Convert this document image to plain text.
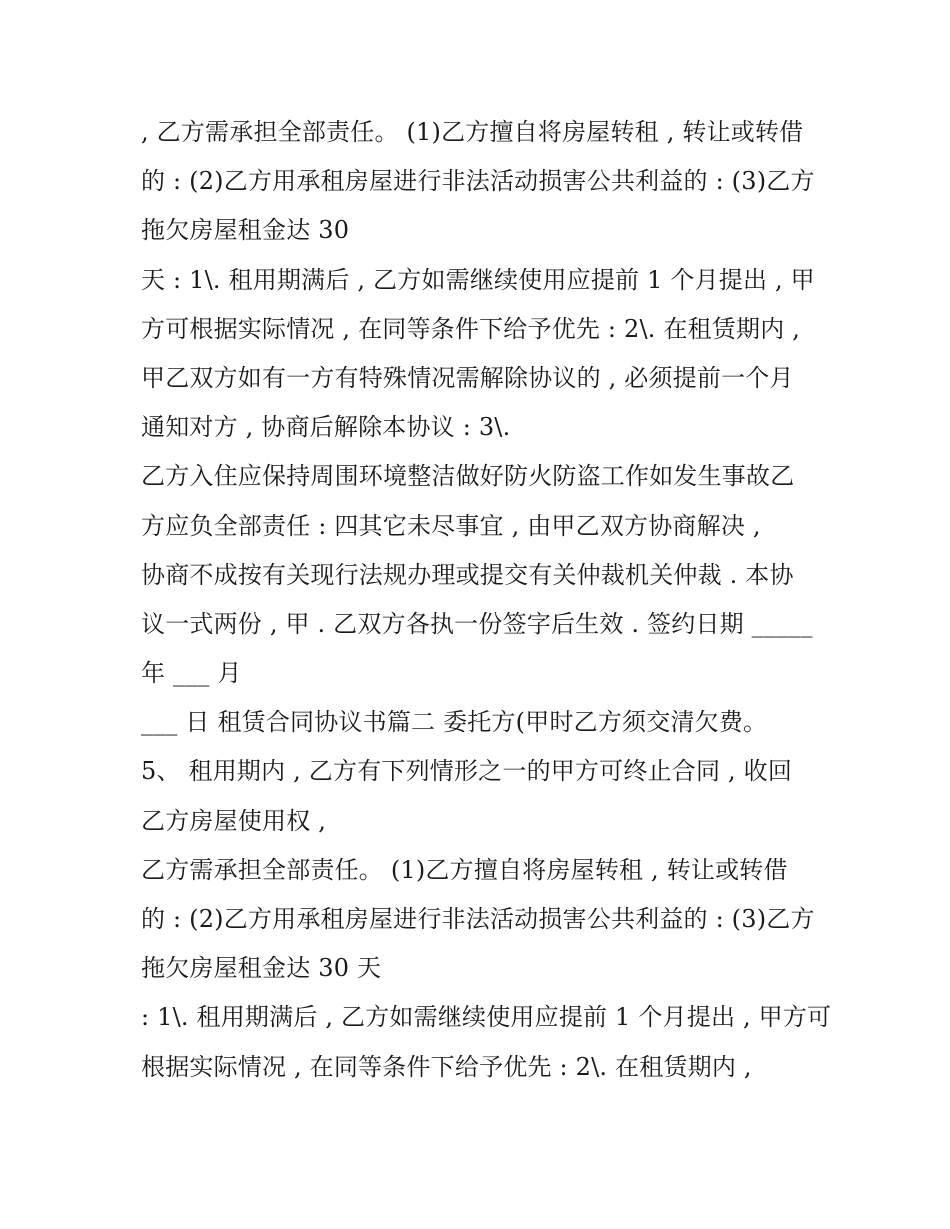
, 乙方需承担全部责任。 (1)乙方擅自将房屋转租 , 转让或转借
的 : (2)乙方用承租房屋进行非法活动损害公共利益的 : (3)乙方
拖欠房屋租金达 30
天 : 1\. 租用期满后 , 乙方如需继续使用应提前 1 个月提出 , 甲
方可根据实际情况 , 在同等条件下给予优先 : 2\. 在租赁期内 ,
甲乙双方如有一方有特殊情况需解除协议的 , 必须提前一个月
通知对方 , 协商后解除本协议 : 3\.
乙方入住应保持周围环境整洁做好防火防盗工作如发生事故乙
方应负全部责任 : 四其它未尽事宜 , 由甲乙双方协商解决 ,
协商不成按有关现行法规办理或提交有关仲裁机关仲裁 . 本协
议一式两份 , 甲 . 乙双方各执一份签字后生效 . 签约日期 _____
年 ___ 月
___ 日 租赁合同协议书篇二 委托方(甲时乙方须交清欠费。
5、 租用期内 , 乙方有下列情形之一的甲方可终止合同 , 收回
乙方房屋使用权 ,
乙方需承担全部责任。 (1)乙方擅自将房屋转租 , 转让或转借
的 : (2)乙方用承租房屋进行非法活动损害公共利益的 : (3)乙方
拖欠房屋租金达 30 天
: 1\. 租用期满后 , 乙方如需继续使用应提前 1 个月提出 , 甲方可
根据实际情况 , 在同等条件下给予优先 : 2\. 在租赁期内 ,
